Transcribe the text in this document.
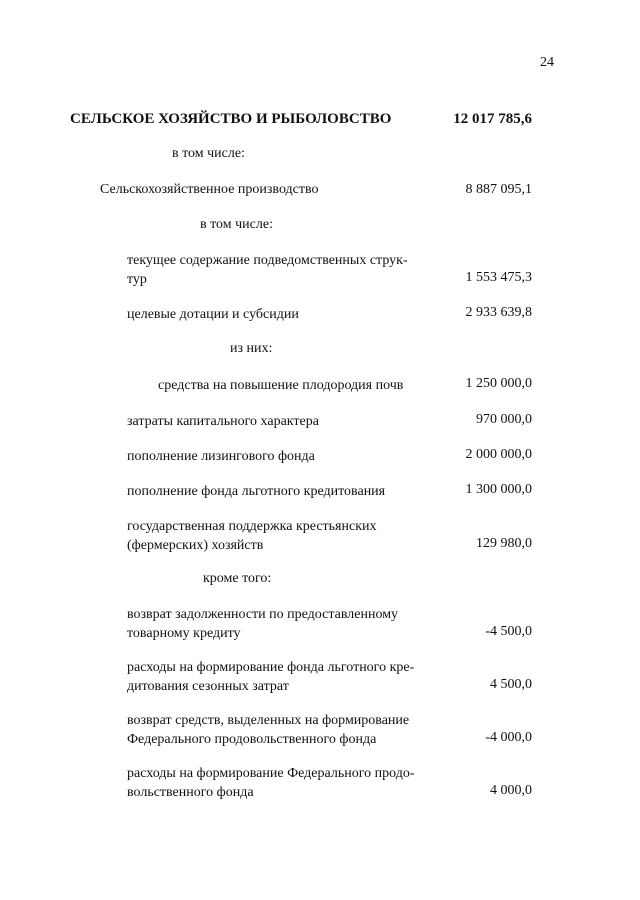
24
СЕЛЬСКОЕ ХОЗЯЙСТВО И РЫБОЛОВСТВО	12 017 785,6
в том числе:
Сельскохозяйственное производство	8 887 095,1
в том числе:
текущее содержание подведомственных струк-
тур	1 553 475,3
целевые дотации и субсидии	2 933 639,8
из них:
средства на повышение плодородия почв	1 250 000,0
затраты капитального характера	970 000,0
пополнение лизингового фонда	2 000 000,0
пополнение фонда льготного кредитования	1 300 000,0
государственная поддержка крестьянских
(фермерских) хозяйств	129 980,0
кроме того:
возврат задолженности по предоставленному
товарному кредиту	-4 500,0
расходы на формирование фонда льготного кре-
дитования сезонных затрат	4 500,0
возврат средств, выделенных на формирование
Федерального продовольственного фонда	-4 000,0
расходы на формирование Федерального продо-
вольственного фонда	4 000,0
